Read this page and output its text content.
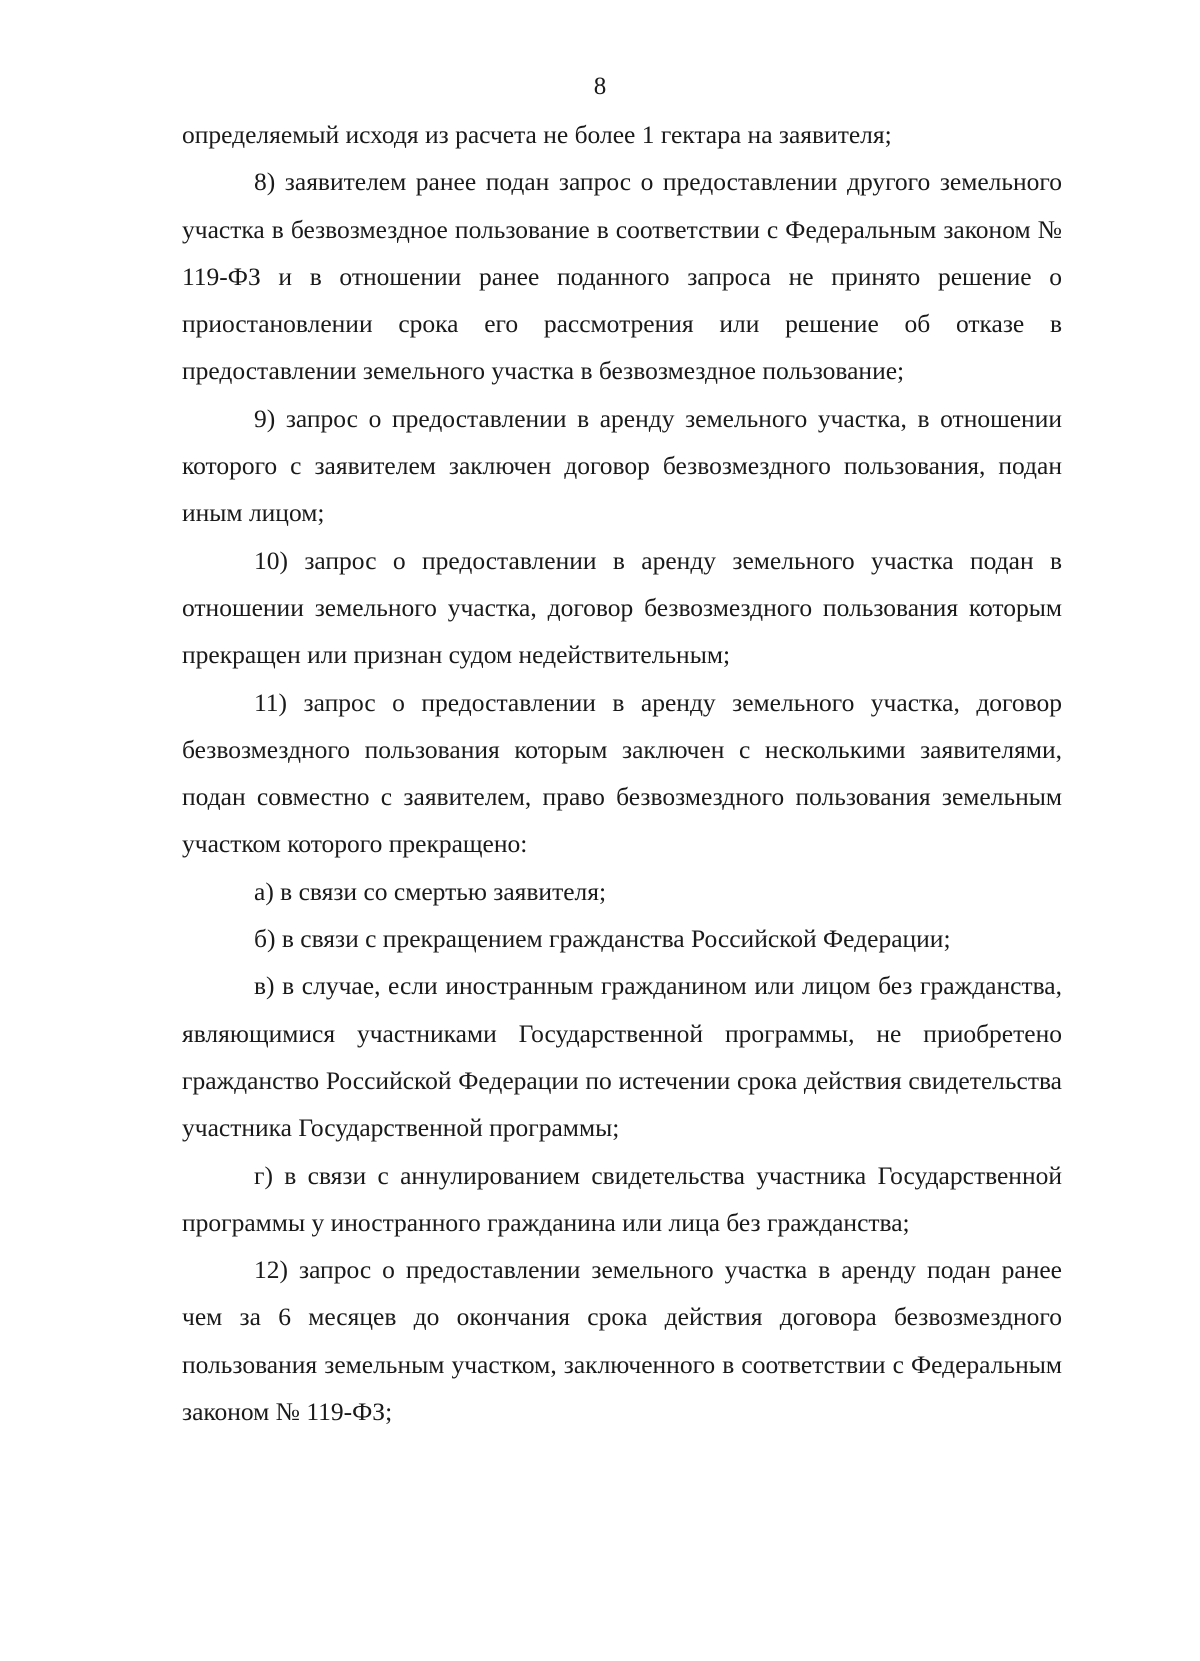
8

определяемый исходя из расчета не более 1 гектара на заявителя;

8) заявителем ранее подан запрос о предоставлении другого земельного участка в безвозмездное пользование в соответствии с Федеральным законом № 119-ФЗ и в отношении ранее поданного запроса не принято решение о приостановлении срока его рассмотрения или решение об отказе в предоставлении земельного участка в безвозмездное пользование;

9) запрос о предоставлении в аренду земельного участка, в отношении которого с заявителем заключен договор безвозмездного пользования, подан иным лицом;

10) запрос о предоставлении в аренду земельного участка подан в отношении земельного участка, договор безвозмездного пользования которым прекращен или признан судом недействительным;

11) запрос о предоставлении в аренду земельного участка, договор безвозмездного пользования которым заключен с несколькими заявителями, подан совместно с заявителем, право безвозмездного пользования земельным участком которого прекращено:

а) в связи со смертью заявителя;

б) в связи с прекращением гражданства Российской Федерации;

в) в случае, если иностранным гражданином или лицом без гражданства, являющимися участниками Государственной программы, не приобретено гражданство Российской Федерации по истечении срока действия свидетельства участника Государственной программы;

г) в связи с аннулированием свидетельства участника Государственной программы у иностранного гражданина или лица без гражданства;

12) запрос о предоставлении земельного участка в аренду подан ранее чем за 6 месяцев до окончания срока действия договора безвозмездного пользования земельным участком, заключенного в соответствии с Федеральным законом № 119-ФЗ;
